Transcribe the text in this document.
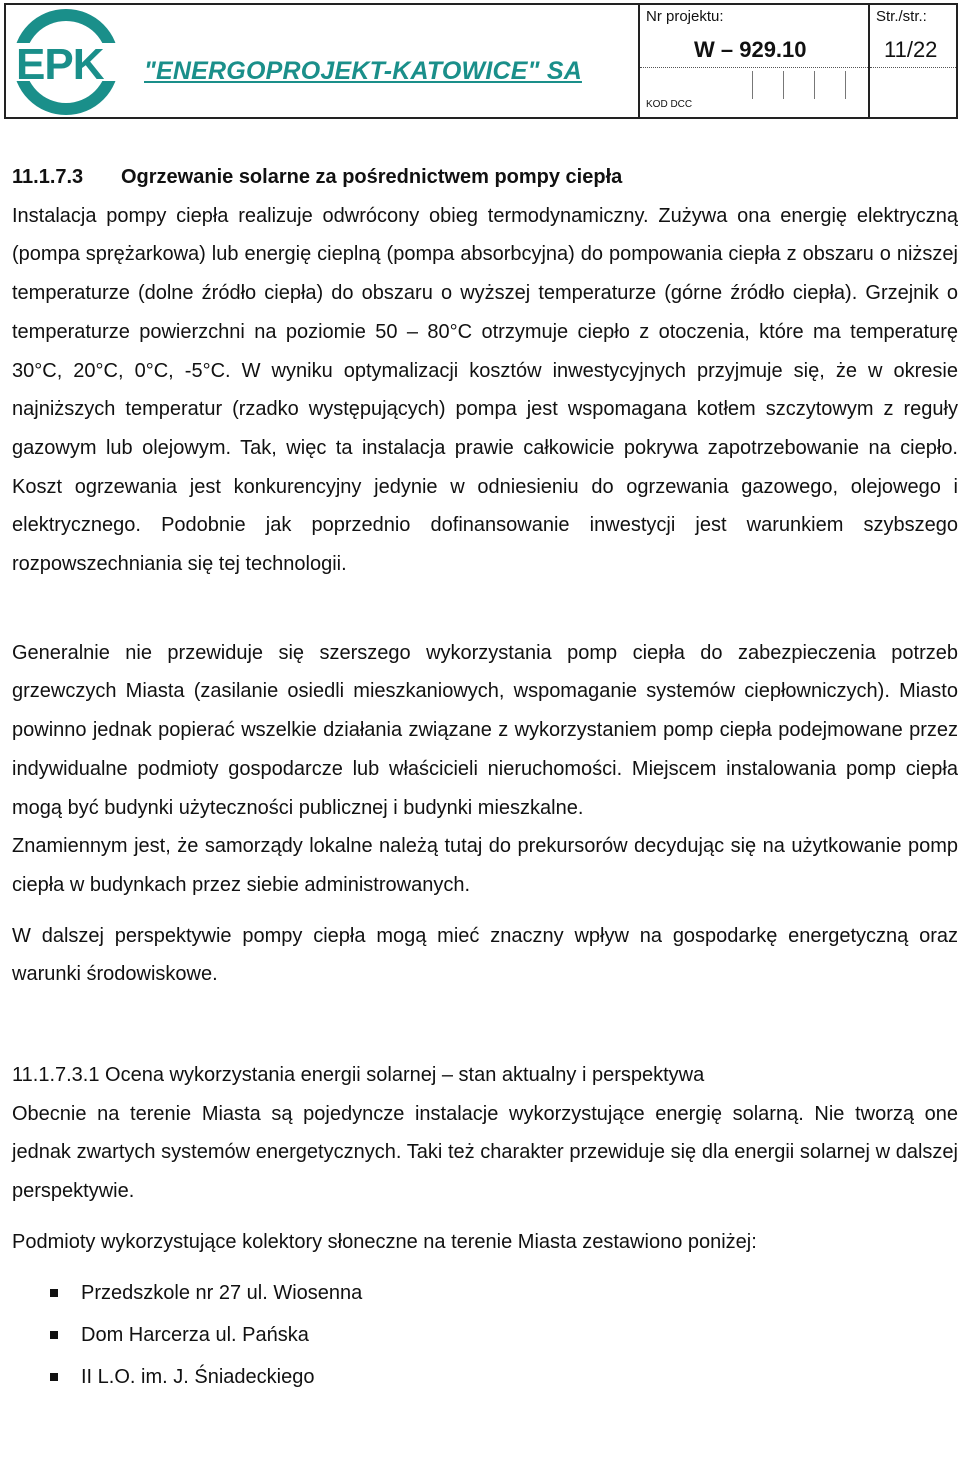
EPK "ENERGOPROJEKT-KATOWICE" SA
Nr projektu:
W – 929.10
KOD DCC
Str./str.:
11/22
11.1.7.3 Ogrzewanie solarne za pośrednictwem pompy ciepła

Instalacja pompy ciepła realizuje odwrócony obieg termodynamiczny. Zużywa ona energię elektryczną (pompa sprężarkowa) lub energię cieplną (pompa absorbcyjna) do pompowania ciepła z obszaru o niższej temperaturze (dolne źródło ciepła) do obszaru o wyższej temperaturze (górne źródło ciepła). Grzejnik o temperaturze powierzchni na poziomie 50 – 80°C otrzymuje ciepło z otoczenia, które ma temperaturę 30°C, 20°C, 0°C, -5°C. W wyniku optymalizacji kosztów inwestycyjnych przyjmuje się, że w okresie najniższych temperatur (rzadko występujących) pompa jest wspomagana kotłem szczytowym z reguły gazowym lub olejowym. Tak, więc ta instalacja prawie całkowicie pokrywa zapotrzebowanie na ciepło. Koszt ogrzewania jest konkurencyjny jedynie w odniesieniu do ogrzewania gazowego, olejowego i elektrycznego. Podobnie jak poprzednio dofinansowanie inwestycji jest warunkiem szybszego rozpowszechniania się tej technologii.

Generalnie nie przewiduje się szerszego wykorzystania pomp ciepła do zabezpieczenia potrzeb grzewczych Miasta (zasilanie osiedli mieszkaniowych, wspomaganie systemów ciepłowniczych). Miasto powinno jednak popierać wszelkie działania związane z wykorzystaniem pomp ciepła podejmowane przez indywidualne podmioty gospodarcze lub właścicieli nieruchomości. Miejscem instalowania pomp ciepła mogą być budynki użyteczności publicznej i budynki mieszkalne.

Znamiennym jest, że samorządy lokalne należą tutaj do prekursorów decydując się na użytkowanie pomp ciepła w budynkach przez siebie administrowanych.

W dalszej perspektywie pompy ciepła mogą mieć znaczny wpływ na gospodarkę energetyczną oraz warunki środowiskowe.

11.1.7.3.1 Ocena wykorzystania energii solarnej – stan aktualny i perspektywa

Obecnie na terenie Miasta są pojedyncze instalacje wykorzystujące energię solarną. Nie tworzą one jednak zwartych systemów energetycznych. Taki też charakter przewiduje się dla energii solarnej w dalszej perspektywie.

Podmioty wykorzystujące kolektory słoneczne na terenie Miasta zestawiono poniżej:

Przedszkole nr 27 ul. Wiosenna
Dom Harcerza ul. Pańska
II L.O. im. J. Śniadeckiego
